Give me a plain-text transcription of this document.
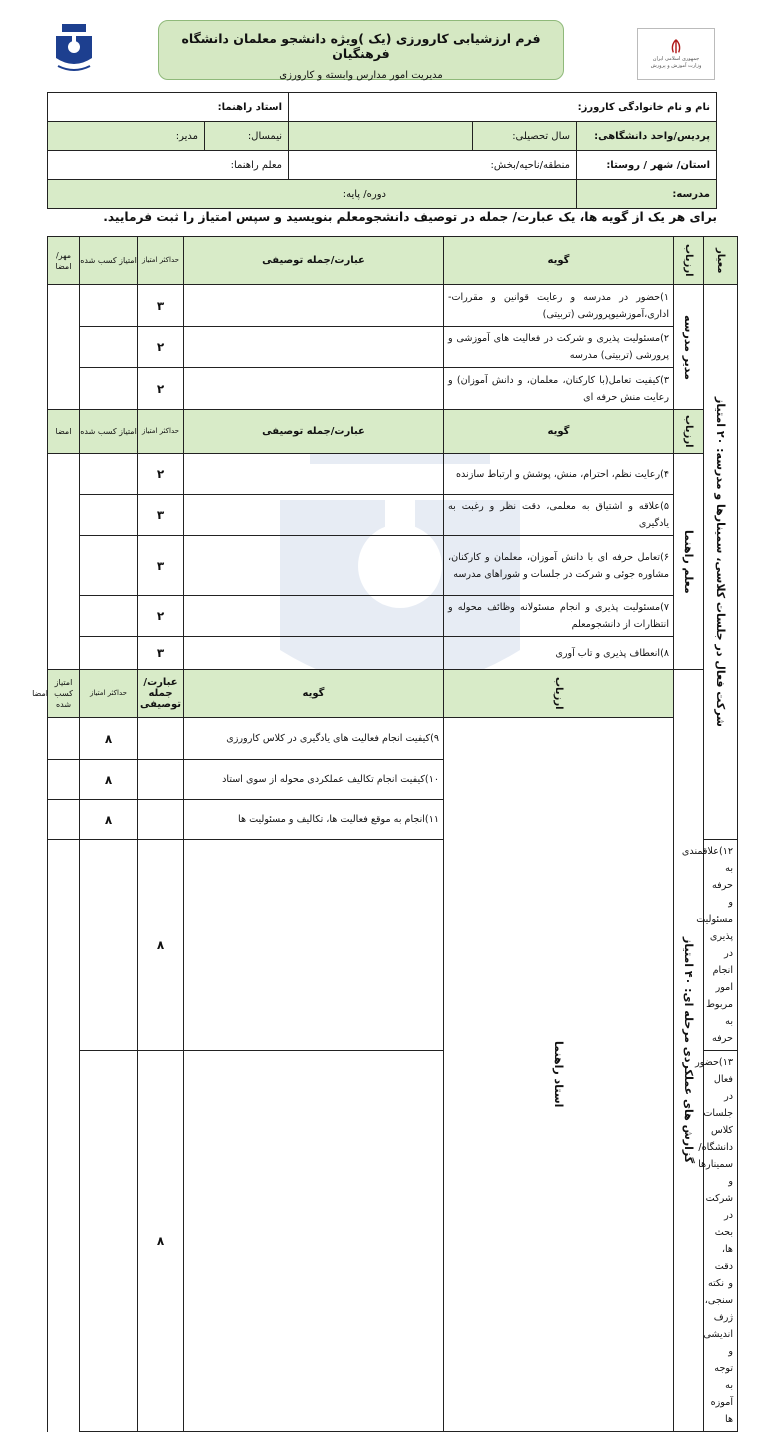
جمهوری اسلامی ایران
وزارت آموزش و پرورش
فرم ارزشیابی کارورزی (یک )ویژه دانشجو معلمان دانشگاه فرهنگیان
مدیریت امور مدارس وابسته و کارورزی
نام و نام خانوادگی کارورز:			استاد راهنما:	
پردیس/واحد دانشگاهی:	سال تحصیلی:		نیمسال:	مدیر:
استان/ شهر / روستا:	منطقه/ناحیه/بخش:		معلم راهنما:	
مدرسه:	دوره/ پایه:			
برای هر یک از گویه ها، یک عبارت/ جمله در توصیف دانشجومعلم بنویسید و سپس امتیاز را ثبت فرمایید.
معیار	ارزیاب	گویه	عبارت/جمله توصیفی	حداکثر امتیاز	امتیاز کسب شده	مهر/ امضا	

شرکت فعال در جلسات کلاسی، سمینارها و مدرسه: ۲۰ امتیاز	مدیر مدرسه	۱)حضور در مدرسه و رعایت قوانین و مقررات-اداری،آموزشیوپرورشی (تربیتی)		۳			
		۲)مسئولیت پذیری و شرکت در فعالیت های آموزشی و پرورشی (تربیتی) مدرسه		۲			
		۳)کیفیت تعامل(با کارکنان، معلمان، و دانش آموزان) و رعایت منش حرفه ای		۲			

	ارزیاب	گویه	عبارت/جمله توصیفی	حداکثر امتیاز	امتیاز کسب شده	امضا	

	معلم راهنما	۴)رعایت نظم، احترام، منش، پوشش و ارتباط سازنده		۲			
		۵)علاقه و اشتیاق به معلمی، دقت نظر و رغبت به یادگیری		۳			
		۶)تعامل حرفه ای با دانش آموزان، معلمان و کارکنان، مشاوره جوئی و شرکت در جلسات و شوراهای مدرسه		۳			
		۷)مسئولیت پذیری و انجام مسئولانه وظائف محوله و انتظارات از دانشجومعلم		۲			
		۸)انعطاف پذیری و تاب آوری		۳			

	گزارش های عملکردی مرحله ای: ۴۰ امتیاز	ارزیاب	گویه	عبارت/جمله توصیفی	حداکثر امتیاز	امتیاز کسب شده	امضا

		استاد راهنما	۹)کیفیت انجام فعالیت های یادگیری در کلاس کارورزی		۸		
			۱۰)کیفیت انجام تکالیف عملکردی محوله از سوی استاد		۸		
			۱۱)انجام به موقع فعالیت ها، تکالیف و مسئولیت ها		۸		
۱۲)علاقمندی به حرفه و مسئولیت پذیری در انجام امور مربوط به حرفه				۸			
۱۳)حضور فعال در جلسات کلاس دانشگاه/ سمینارها و شرکت در بحث ها، دقت و نکته سنجی، ژرف اندیشی و توجه به آموزه ها				۸			
